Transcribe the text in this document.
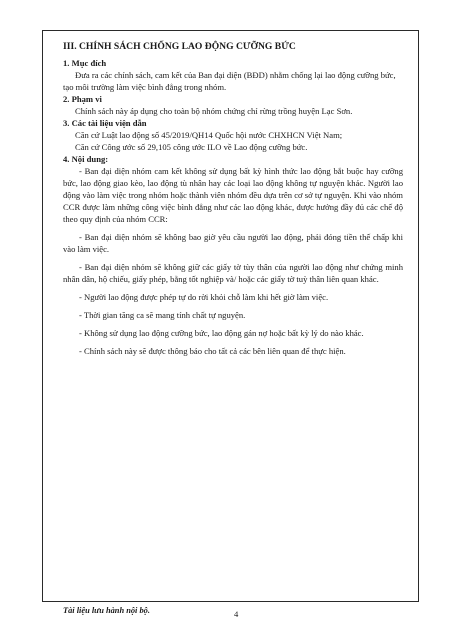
III. CHÍNH SÁCH CHỐNG LAO ĐỘNG CƯỠNG BỨC
1. Mục đích

Đưa ra các chính sách, cam kết của Ban đại diện (BĐD) nhằm chống lại lao động cưỡng bức, tạo môi trường làm việc bình đẳng trong nhóm.

2. Phạm vi

Chính sách này áp dụng cho toàn bộ nhóm chứng chỉ rừng trồng huyện Lạc Sơn.

3. Các tài liệu viện dẫn

Căn cứ Luật lao động số 45/2019/QH14 Quốc hội nước CHXHCN Việt Nam;

Căn cứ Công ước số 29,105 công ước ILO về Lao động cưỡng bức.

4. Nội dung:

- Ban đại diện nhóm cam kết không sử dụng bất kỳ hình thức lao động bắt buộc hay cưỡng bức, lao động giao kèo, lao động tù nhân hay các loại lao động không tự nguyện khác. Người lao động vào làm việc trong nhóm hoặc thành viên nhóm đều dựa trên cơ sở tự nguyện. Khi vào nhóm CCR được làm những công việc bình đẳng như các lao động khác, được hưởng đầy đủ các chế độ theo quy định của nhóm CCR:

- Ban đại diện nhóm sẽ không bao giờ yêu cầu người lao động, phải đóng tiền thế chấp khi vào làm việc.

- Ban đại diện nhóm sẽ không giữ các giấy tờ tùy thân của người lao động như chứng minh nhân dân, hộ chiếu, giấy phép, bằng tốt nghiệp và/ hoặc các giấy tờ tuỳ thân liên quan khác.

- Người lao động được phép tự do rời khỏi chỗ làm khi hết giờ làm việc.

- Thời gian tăng ca sẽ mang tính chất tự nguyện.

- Không sử dụng lao động cưỡng bức, lao động gán nợ hoặc bất kỳ lý do nào khác.

- Chính sách này sẽ được thông báo cho tất cả các bên liên quan để thực hiện.

Tài liệu lưu hành nội bộ.	4
